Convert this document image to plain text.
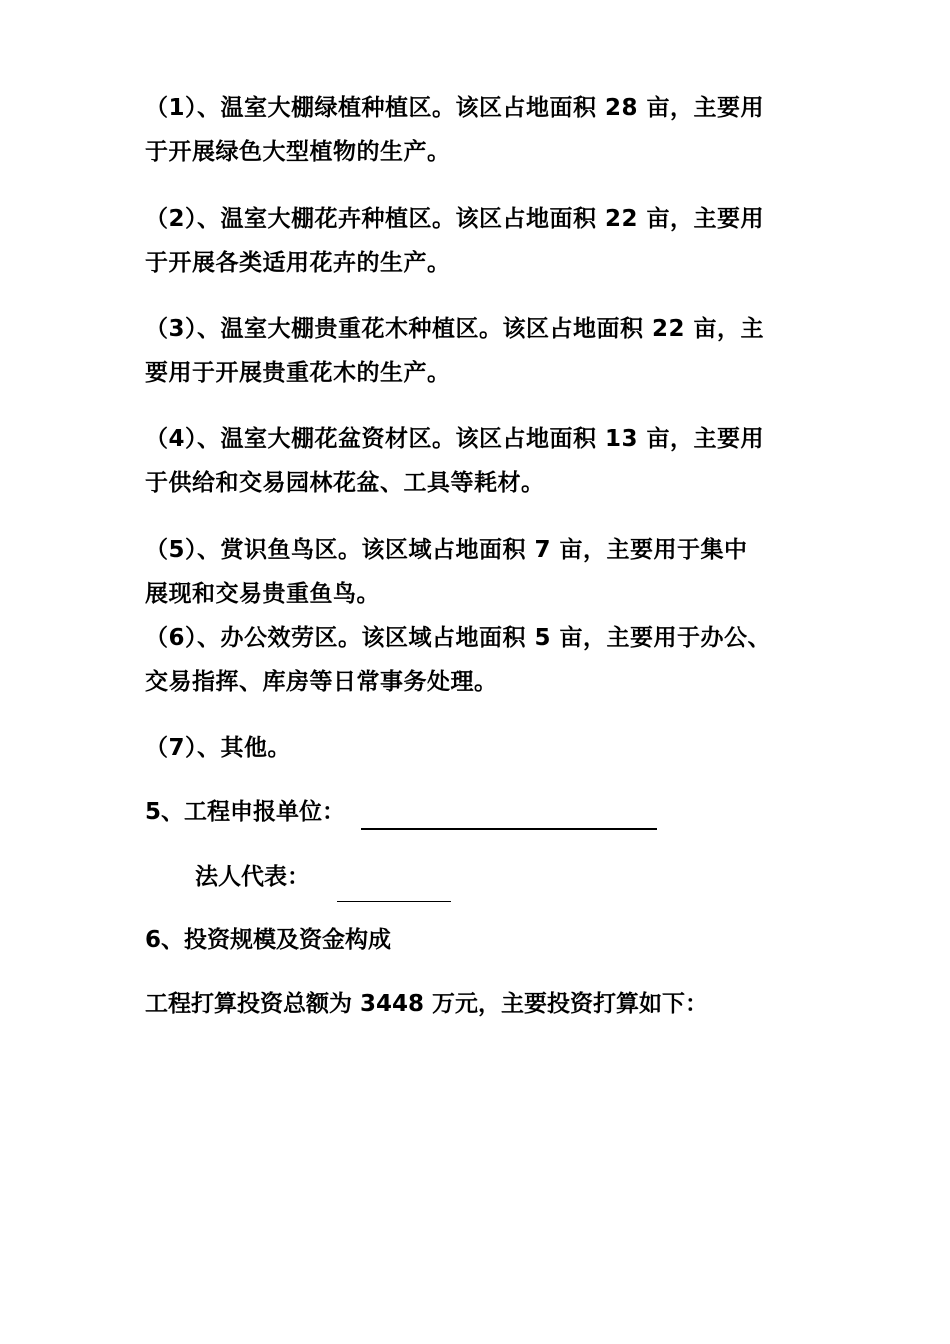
（1）、温室大棚绿植种植区。该区占地面积 28 亩，主要用
于开展绿色大型植物的生产。
（2）、温室大棚花卉种植区。该区占地面积 22 亩，主要用
于开展各类适用花卉的生产。
（3）、温室大棚贵重花木种植区。该区占地面积 22 亩，主
要用于开展贵重花木的生产。
（4）、温室大棚花盆资材区。该区占地面积 13 亩，主要用
于供给和交易园林花盆、工具等耗材。
（5）、赏识鱼鸟区。该区域占地面积 7 亩，主要用于集中
展现和交易贵重鱼鸟。
（6）、办公效劳区。该区域占地面积 5 亩，主要用于办公、
交易指挥、库房等日常事务处理。
（7）、其他。
5、工程申报单位：
法人代表：
6、投资规模及资金构成
工程打算投资总额为 3448 万元，主要投资打算如下：
